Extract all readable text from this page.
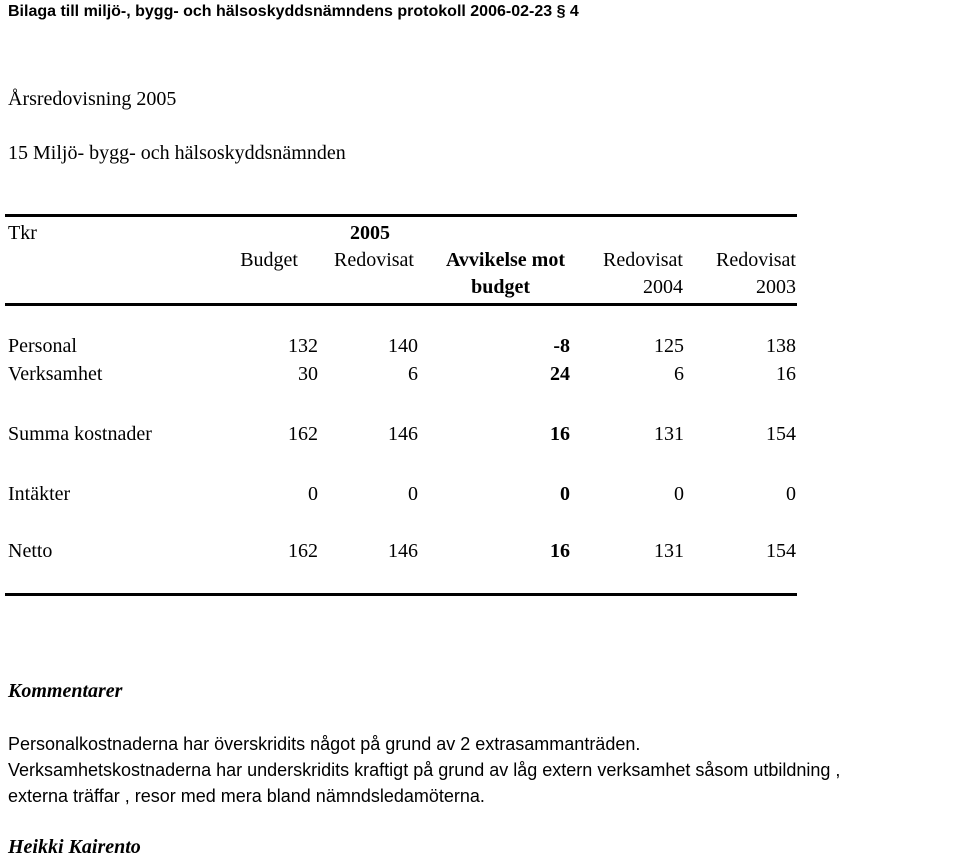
Bilaga till miljö-, bygg- och hälsoskyddsnämndens protokoll 2006-02-23 § 4
Årsredovisning 2005
15 Miljö- bygg- och hälsoskyddsnämnden
Tkr	2005
Budget	Redovisat	Avvikelse mot	Redovisat	Redovisat
budget	2004	2003
Personal	132	140	-8	125	138
Verksamhet	30	6	24	6	16
Summa kostnader	162	146	16	131	154
Intäkter	0	0	0	0	0
Netto	162	146	16	131	154
Kommentarer
Personalkostnaderna har överskridits något på grund av 2 extrasammanträden.
Verksamhetskostnaderna har underskridits kraftigt på grund av låg extern verksamhet såsom utbildning ,
externa träffar , resor med mera bland nämndsledamöterna.
Heikki Kairento
